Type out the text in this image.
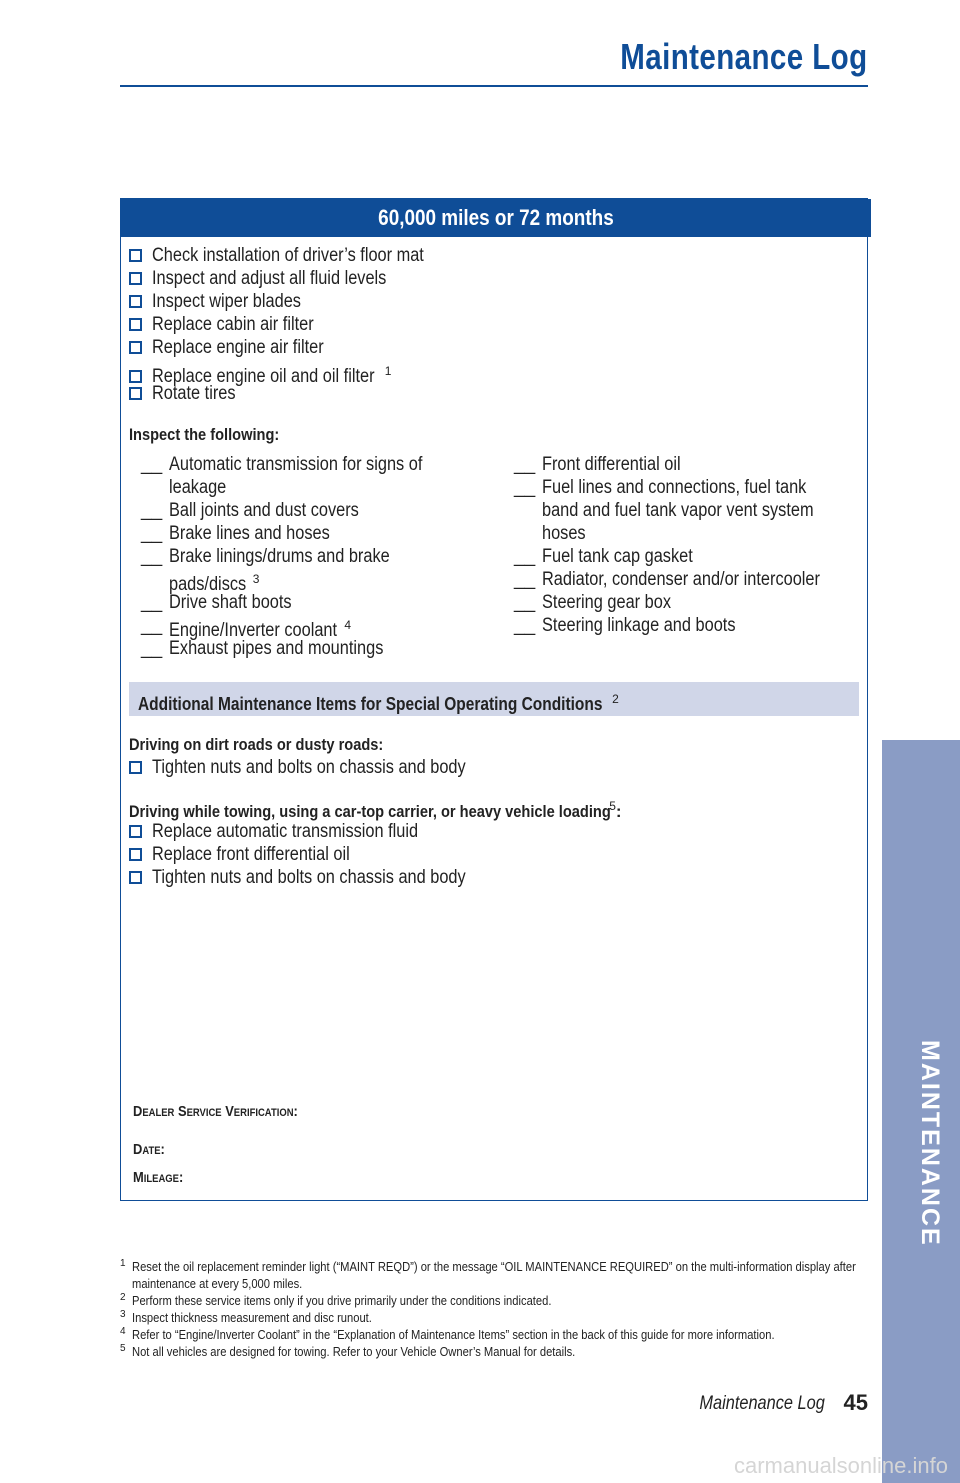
Maintenance Log
60,000 miles or 72 months
Check installation of driver’s floor mat
Inspect and adjust all fluid levels
Inspect wiper blades
Replace cabin air filter
Replace engine air filter
Replace engine oil and oil filter $^1$
Rotate tires
Inspect the following:
__ Automatic transmission for signs of
leakage
__ Ball joints and dust covers
__ Brake lines and hoses
__ Brake linings/drums and brake
pads/discs $^3$
__ Drive shaft boots
__ Engine/Inverter coolant $^4$
__ Exhaust pipes and mountings
__ Front differential oil
__ Fuel lines and connections, fuel tank
band and fuel tank vapor vent system
hoses
__ Fuel tank cap gasket
__ Radiator, condenser and/or intercooler
__ Steering gear box
__ Steering linkage and boots
Additional Maintenance Items for Special Operating Conditions $^2$
Driving on dirt roads or dusty roads:
Tighten nuts and bolts on chassis and body
Driving while towing, using a car-top carrier, or heavy vehicle loading$^5$:
Replace automatic transmission fluid
Replace front differential oil
Tighten nuts and bolts on chassis and body
Dealer Service Verification:
Date:
Mileage:
1 Reset the oil replacement reminder light (“MAINT REQD”) or the message “OIL MAINTENANCE REQUIRED” on the multi-information display after maintenance at every 5,000 miles.
2 Perform these service items only if you drive primarily under the conditions indicated.
3 Inspect thickness measurement and disc runout.
4 Refer to “Engine/Inverter Coolant” in the “Explanation of Maintenance Items” section in the back of this guide for more information.
5 Not all vehicles are designed for towing. Refer to your Vehicle Owner’s Manual for details.
Maintenance Log 45
MAINTENANCE
carmanualsonline.info
